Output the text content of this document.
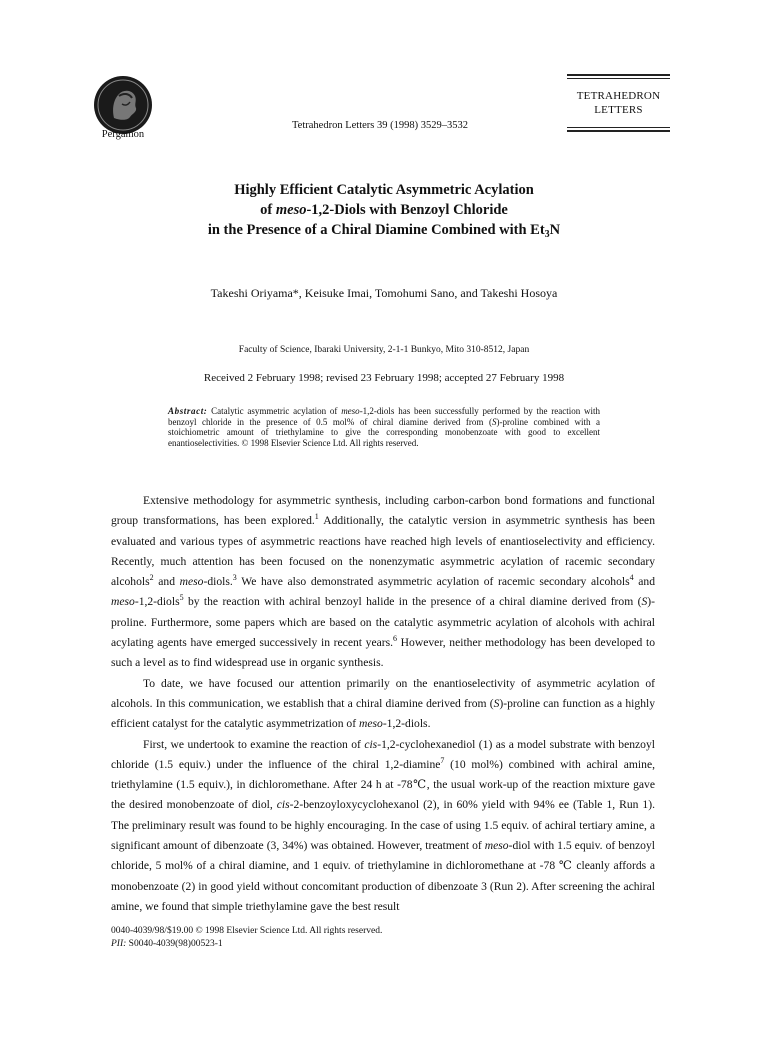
Pergamon
Tetrahedron Letters 39 (1998) 3529–3532
TETRAHEDRON LETTERS
Highly Efficient Catalytic Asymmetric Acylation
of meso-1,2-Diols with Benzoyl Chloride
in the Presence of a Chiral Diamine Combined with $Et_3N$
Takeshi Oriyama*, Keisuke Imai, Tomohumi Sano, and Takeshi Hosoya
Faculty of Science, Ibaraki University, 2-1-1 Bunkyo, Mito 310-8512, Japan
Received 2 February 1998; revised 23 February 1998; accepted 27 February 1998
Abstract: Catalytic asymmetric acylation of meso-1,2-diols has been successfully performed by the reaction with benzoyl chloride in the presence of 0.5 mol% of chiral diamine derived from (S)-proline combined with a stoichiometric amount of triethylamine to give the corresponding monobenzoate with good to excellent enantioselectivities. © 1998 Elsevier Science Ltd. All rights reserved.

Extensive methodology for asymmetric synthesis, including carbon-carbon bond formations and functional group transformations, has been explored.$^1$ Additionally, the catalytic version in asymmetric synthesis has been evaluated and various types of asymmetric reactions have reached high levels of enantioselectivity and efficiency. Recently, much attention has been focused on the nonenzymatic asymmetric acylation of racemic secondary alcohols$^2$ and meso-diols.$^3$ We have also demonstrated asymmetric acylation of racemic secondary alcohols$^4$ and meso-1,2-diols$^5$ by the reaction with achiral benzoyl halide in the presence of a chiral diamine derived from (S)-proline. Furthermore, some papers which are based on the catalytic asymmetric acylation of alcohols with achiral acylating agents have emerged successively in recent years.$^6$ However, neither methodology has been developed to such a level as to find widespread use in organic synthesis.

To date, we have focused our attention primarily on the enantioselectivity of asymmetric acylation of alcohols. In this communication, we establish that a chiral diamine derived from (S)-proline can function as a highly efficient catalyst for the catalytic asymmetrization of meso-1,2-diols.

First, we undertook to examine the reaction of cis-1,2-cyclohexanediol (1) as a model substrate with benzoyl chloride (1.5 equiv.) under the influence of the chiral 1,2-diamine$^7$ (10 mol%) combined with achiral amine, triethylamine (1.5 equiv.), in dichloromethane. After 24 h at -78℃, the usual work-up of the reaction mixture gave the desired monobenzoate of diol, cis-2-benzoyloxycyclohexanol (2), in 60% yield with 94% ee (Table 1, Run 1). The preliminary result was found to be highly encouraging. In the case of using 1.5 equiv. of achiral tertiary amine, a significant amount of dibenzoate (3, 34%) was obtained. However, treatment of meso-diol with 1.5 equiv. of benzoyl chloride, 5 mol% of a chiral diamine, and 1 equiv. of triethylamine in dichloromethane at -78 ℃ cleanly affords a monobenzoate (2) in good yield without concomitant production of dibenzoate 3 (Run 2). After screening the achiral amine, we found that simple triethylamine gave the best result

0040-4039/98/$19.00 © 1998 Elsevier Science Ltd. All rights reserved.
PII: S0040-4039(98)00523-1
